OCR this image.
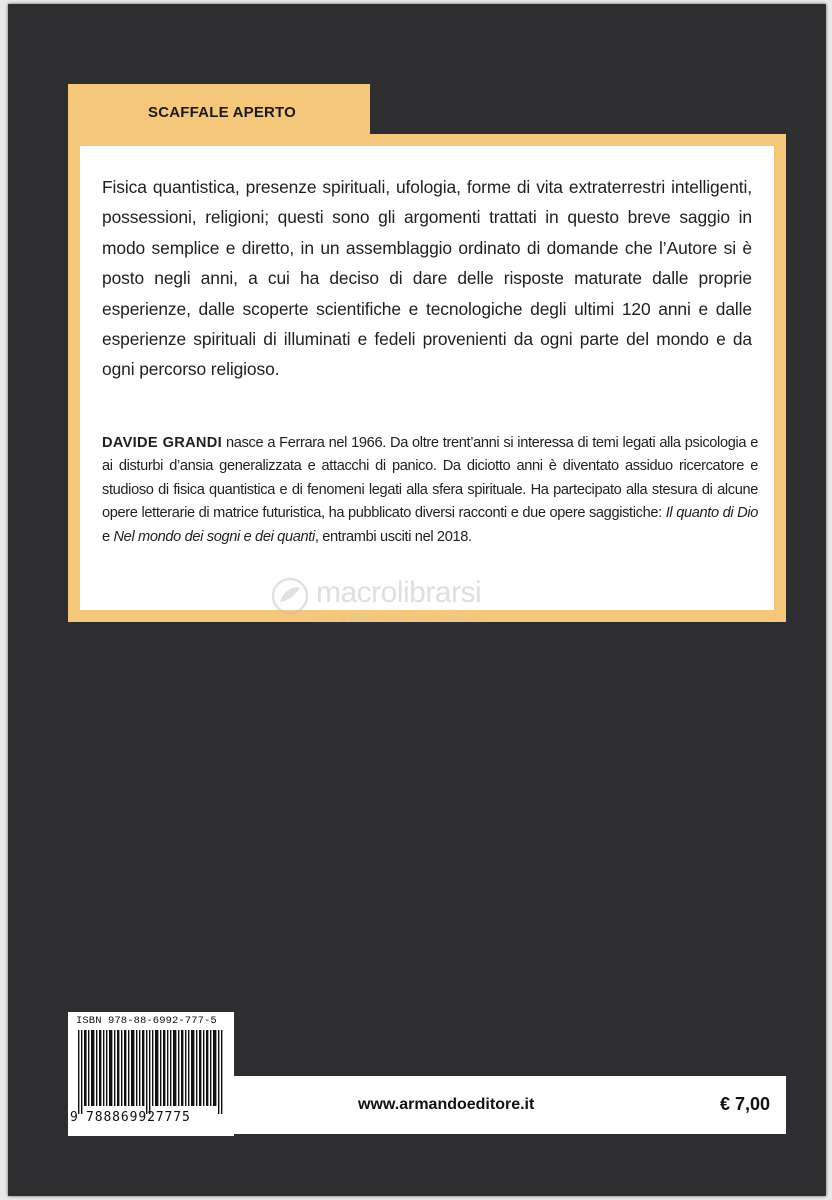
SCAFFALE APERTO

Fisica quantistica, presenze spirituali, ufologia, forme di vita extraterrestri intelligenti, possessioni, religioni; questi sono gli argomenti trattati in questo breve saggio in modo semplice e diretto, in un assemblaggio ordinato di domande che l’Autore si è posto negli anni, a cui ha deciso di dare delle risposte maturate dalle proprie esperienze, dalle scoperte scientifiche e tecnologiche degli ultimi 120 anni e dalle esperienze spirituali di illuminati e fedeli provenienti da ogni parte del mondo e da ogni percorso religioso.

DAVIDE GRANDI nasce a Ferrara nel 1966. Da oltre trent’anni si interessa di temi legati alla psicologia e ai disturbi d’ansia generalizzata e attacchi di panico. Da diciotto anni è diventato assiduo ricercatore e studioso di fisica quantistica e di fenomeni legati alla sfera spirituale. Ha partecipato alla stesura di alcune opere letterarie di matrice futuristica, ha pubblicato diversi racconti e due opere saggistiche: Il quanto di Dio e Nel mondo dei sogni e dei quanti, entrambi usciti nel 2018.

macrolibrarsi
ALTERNATIVA NATURALE
ISBN 978-88-6992-777-5
9 788869927775
www.armandoeditore.it	€ 7,00
